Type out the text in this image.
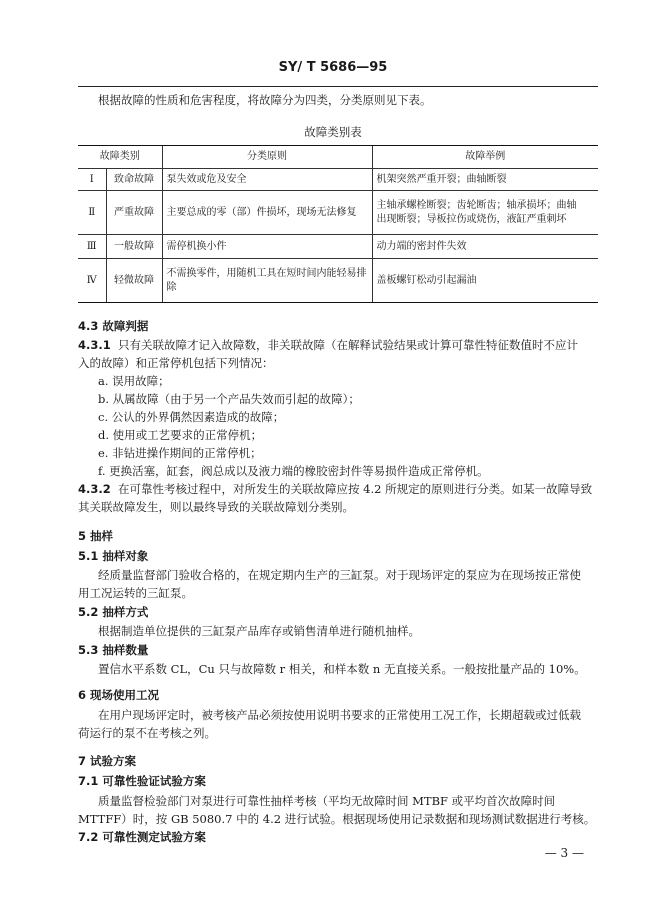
SY/ T 5686—95
根据故障的性质和危害程度，将故障分为四类，分类原则见下表。
故障类别表
故障类别		分类原则	故障举例
Ⅰ	致命故障	泵失效或危及安全	机架突然严重开裂；曲轴断裂

Ⅱ	严重故障	主要总成的零（部）件损坏，现场无法修复	主轴承螺栓断裂；齿轮断齿；轴承损坏；曲轴
出现断裂；导板拉伤或烧伤，液缸严重刺坏

Ⅲ	一般故障	需停机换小件	动力端的密封件失效

Ⅳ	轻微故障	不需换零件，用随机工具在短时间内能轻易排
除	盖板螺钉松动引起漏油
4.3 故障判据
4.3.1 只有关联故障才记入故障数，非关联故障（在解释试验结果或计算可靠性特征数值时不应计
入的故障）和正常停机包括下列情况：
a. 误用故障；
b. 从属故障（由于另一个产品失效而引起的故障）；
c. 公认的外界偶然因素造成的故障；
d. 使用或工艺要求的正常停机；
e. 非钻进操作期间的正常停机；
f. 更换活塞，缸套，阀总成以及液力端的橡胶密封件等易损件造成正常停机。
4.3.2 在可靠性考核过程中，对所发生的关联故障应按 4.2 所规定的原则进行分类。如某一故障导致
其关联故障发生，则以最终导致的关联故障划分类别。
5 抽样
5.1 抽样对象
经质量监督部门验收合格的，在规定期内生产的三缸泵。对于现场评定的泵应为在现场按正常使
用工况运转的三缸泵。
5.2 抽样方式
根据制造单位提供的三缸泵产品库存或销售清单进行随机抽样。
5.3 抽样数量
置信水平系数 CL，Cu 只与故障数 r 相关，和样本数 n 无直接关系。一般按批量产品的 10%。
6 现场使用工况
在用户现场评定时，被考核产品必须按使用说明书要求的正常使用工况工作，长期超载或过低载
荷运行的泵不在考核之列。
7 试验方案
7.1 可靠性验证试验方案
质量监督检验部门对泵进行可靠性抽样考核（平均无故障时间 MTBF 或平均首次故障时间
MTTFF）时，按 GB 5080.7 中的 4.2 进行试验。根据现场使用记录数据和现场测试数据进行考核。
7.2 可靠性测定试验方案
— 3 —
